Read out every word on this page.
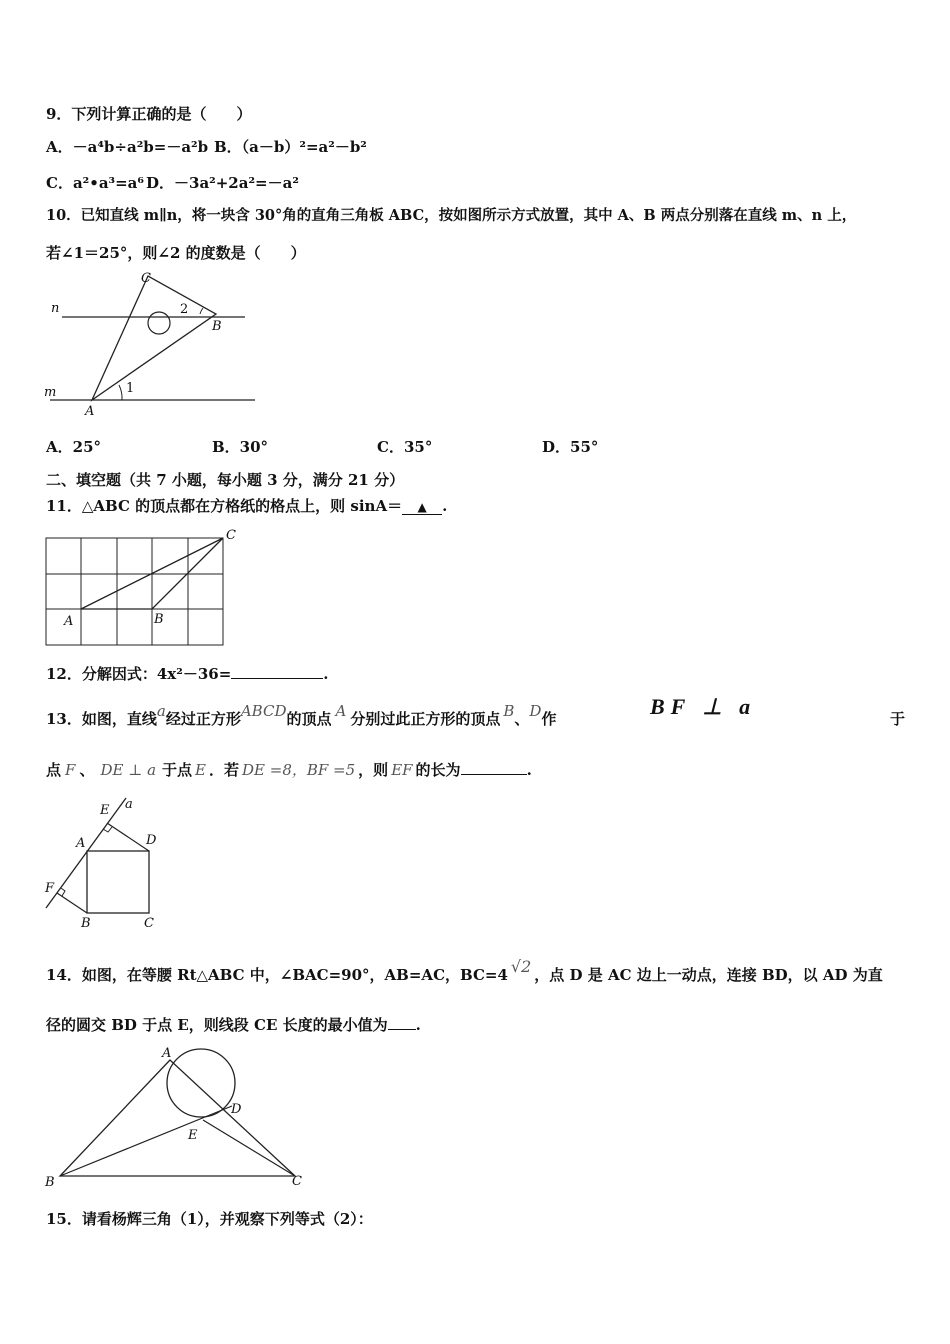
9．下列计算正确的是（　　）
A．－a⁴b÷a²b=－a²b B．（a－b）²=a²－b²
C．a²•a³=a⁶ D．－3a²+2a²=－a²
10．已知直线 m∥n，将一块含 30°角的直角三角板 ABC，按如图所示方式放置，其中 A、B 两点分别落在直线 m、n 上，
若∠1＝25°，则∠2 的度数是（　　）
n
m
A
B
C
1
2
A．25°	B．30°	C．35°	D．55°
二、填空题（共 7 小题，每小题 3 分，满分 21 分）
11．△ABC 的顶点都在方格纸的格点上，则 sinA＝ ▲ .
A	B
C
12．分解因式：4x²－36=	.
13．如图，直线a经过正方形ABCD的顶点 A 分别过此正方形的顶点 B、D作	BF ⊥ a	于
点 F 、 DE ⊥ a 于点 E ．若 DE =8，BF =5 ，则 EF 的长为	.
a
E
A	D
F
B	C
14．如图，在等腰 Rt△ABC 中，∠BAC=90°，AB=AC，BC=4 √2 ，点 D 是 AC 边上一动点，连接 BD，以 AD 为直
径的圆交 BD 于点 E，则线段 CE 长度的最小值为 .
A
D
E
B	C
15．请看杨辉三角（1），并观察下列等式（2）：
